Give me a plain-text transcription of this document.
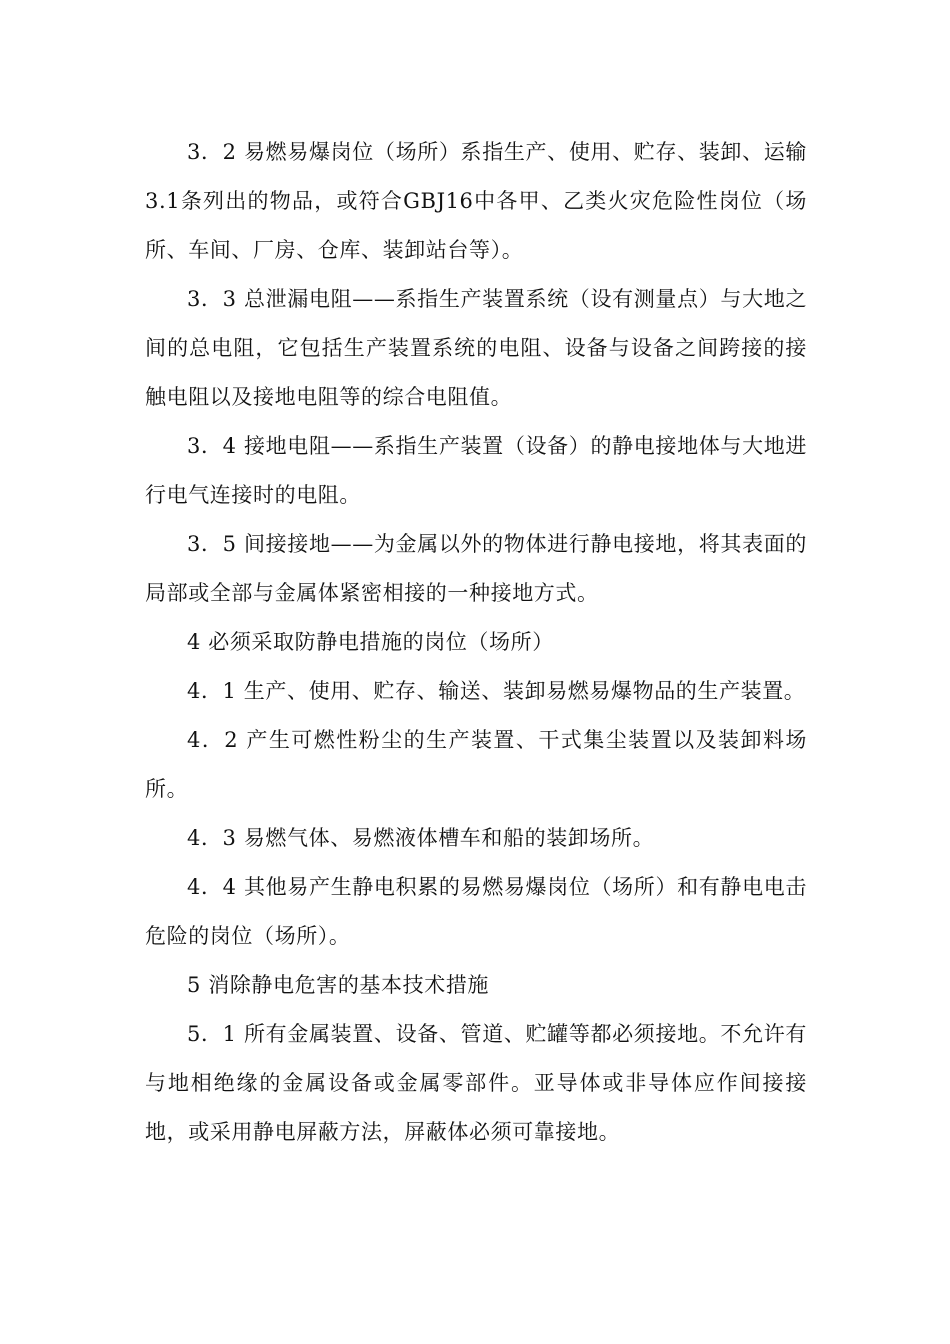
3．2 易燃易爆岗位（场所）系指生产、使用、贮存、装卸、运输3.1条列出的物品，或符合GBJ16中各甲、乙类火灾危险性岗位（场所、车间、厂房、仓库、装卸站台等）。

3．3 总泄漏电阻——系指生产装置系统（设有测量点）与大地之间的总电阻，它包括生产装置系统的电阻、设备与设备之间跨接的接触电阻以及接地电阻等的综合电阻值。

3．4 接地电阻——系指生产装置（设备）的静电接地体与大地进行电气连接时的电阻。

3．5 间接接地——为金属以外的物体进行静电接地，将其表面的局部或全部与金属体紧密相接的一种接地方式。

4 必须采取防静电措施的岗位（场所）

4．1 生产、使用、贮存、输送、装卸易燃易爆物品的生产装置。

4．2 产生可燃性粉尘的生产装置、干式集尘装置以及装卸料场所。

4．3 易燃气体、易燃液体槽车和船的装卸场所。

4．4 其他易产生静电积累的易燃易爆岗位（场所）和有静电电击危险的岗位（场所）。

5 消除静电危害的基本技术措施

5．1 所有金属装置、设备、管道、贮罐等都必须接地。不允许有与地相绝缘的金属设备或金属零部件。亚导体或非导体应作间接接地，或采用静电屏蔽方法，屏蔽体必须可靠接地。
